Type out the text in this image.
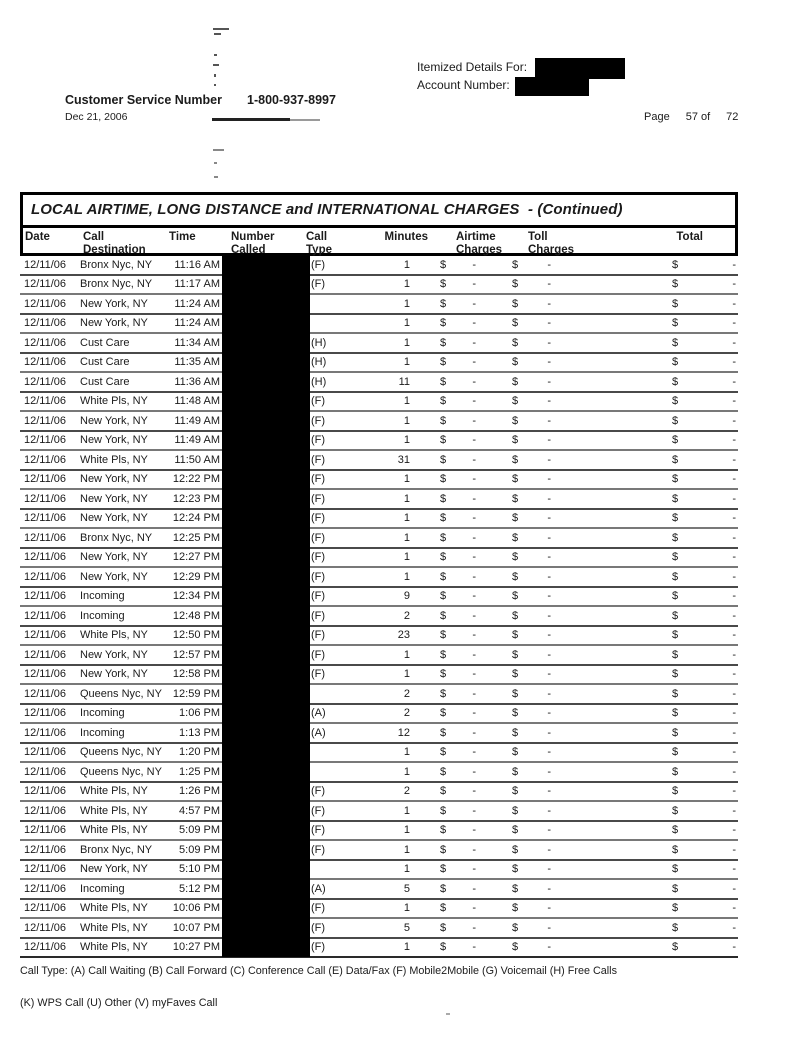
Itemized Details For:
Account Number:
Customer Service Number 1-800-937-8997
Dec 21, 2006	Page 57 of 72
LOCAL AIRTIME, LONG DISTANCE and INTERNATIONAL CHARGES  - (Continued)
Date	Call
Destination
Time	Number
Called
Call
Type
Minutes Airtime
Charges
Toll
Charges
Total
12/11/06	Bronx Nyc, NY	11:16 AM	(F)	1	$ -	$	-	$	-
12/11/06	Bronx Nyc, NY	11:17 AM	(F)	1	$ -	$	-	$	-
12/11/06	New York, NY	11:24 AM	1	$ -	$	-	$	-
12/11/06	New York, NY	11:24 AM	1	$ -	$	-	$	-
12/11/06	Cust Care	11:34 AM	(H)	1	$ -	$	-	$	-
12/11/06	Cust Care	11:35 AM	(H)	1	$ -	$	-	$	-
12/11/06	Cust Care	11:36 AM	(H)	11	$ -	$	-	$	-
12/11/06	White Pls, NY	11:48 AM	(F)	1	$ -	$	-	$	-
12/11/06	New York, NY	11:49 AM	(F)	1	$ -	$	-	$	-
12/11/06	New York, NY	11:49 AM	(F)	1	$ -	$	-	$	-
12/11/06	White Pls, NY	11:50 AM	(F)	31	$ -	$	-	$	-
12/11/06	New York, NY	12:22 PM	(F)	1	$ -	$	-	$	-
12/11/06	New York, NY	12:23 PM	(F)	1	$ -	$	-	$	-
12/11/06	New York, NY	12:24 PM	(F)	1	$ -	$	-	$	-
12/11/06	Bronx Nyc, NY	12:25 PM	(F)	1	$ -	$	-	$	-
12/11/06	New York, NY	12:27 PM	(F)	1	$ -	$	-	$	-
12/11/06	New York, NY	12:29 PM	(F)	1	$ -	$	-	$	-
12/11/06	Incoming	12:34 PM	(F)	9	$ -	$	-	$	-
12/11/06	Incoming	12:48 PM	(F)	2	$ -	$	-	$	-
12/11/06	White Pls, NY	12:50 PM	(F)	23	$ -	$	-	$	-
12/11/06	New York, NY	12:57 PM	(F)	1	$ -	$	-	$	-
12/11/06	New York, NY	12:58 PM	(F)	1	$ -	$	-	$	-
12/11/06	Queens Nyc, NY 12:59 PM	2	$ -	$	-	$	-
12/11/06	Incoming	1:06 PM	(A)	2	$ -	$	-	$	-
12/11/06	Incoming	1:13 PM	(A)	12	$ -	$	-	$	-
12/11/06	Queens Nyc, NY	1:20 PM	1	$ -	$	-	$	-
12/11/06	Queens Nyc, NY	1:25 PM	1	$ -	$	-	$	-
12/11/06	White Pls, NY	1:26 PM	(F)	2	$ -	$	-	$	-
12/11/06	White Pls, NY	4:57 PM	(F)	1	$ -	$	-	$	-
12/11/06	White Pls, NY	5:09 PM	(F)	1	$ -	$	-	$	-
12/11/06	Bronx Nyc, NY	5:09 PM	(F)	1	$ -	$	-	$	-
12/11/06	New York, NY	5:10 PM	1	$ -	$	-	$	-
12/11/06	Incoming	5:12 PM	(A)	5	$ -	$	-	$	-
12/11/06	White Pls, NY	10:06 PM	(F)	1	$ -	$	-	$	-
12/11/06	White Pls, NY	10:07 PM	(F)	5	$ -	$	-	$	-
12/11/06	White Pls, NY	10:27 PM	(F)	1	$ -	$	-	$	-
Call Type: (A) Call Waiting (B) Call Forward (C) Conference Call (E) Data/Fax (F) Mobile2Mobile (G) Voicemail (H) Free Calls
(K) WPS Call (U) Other (V) myFaves Call
